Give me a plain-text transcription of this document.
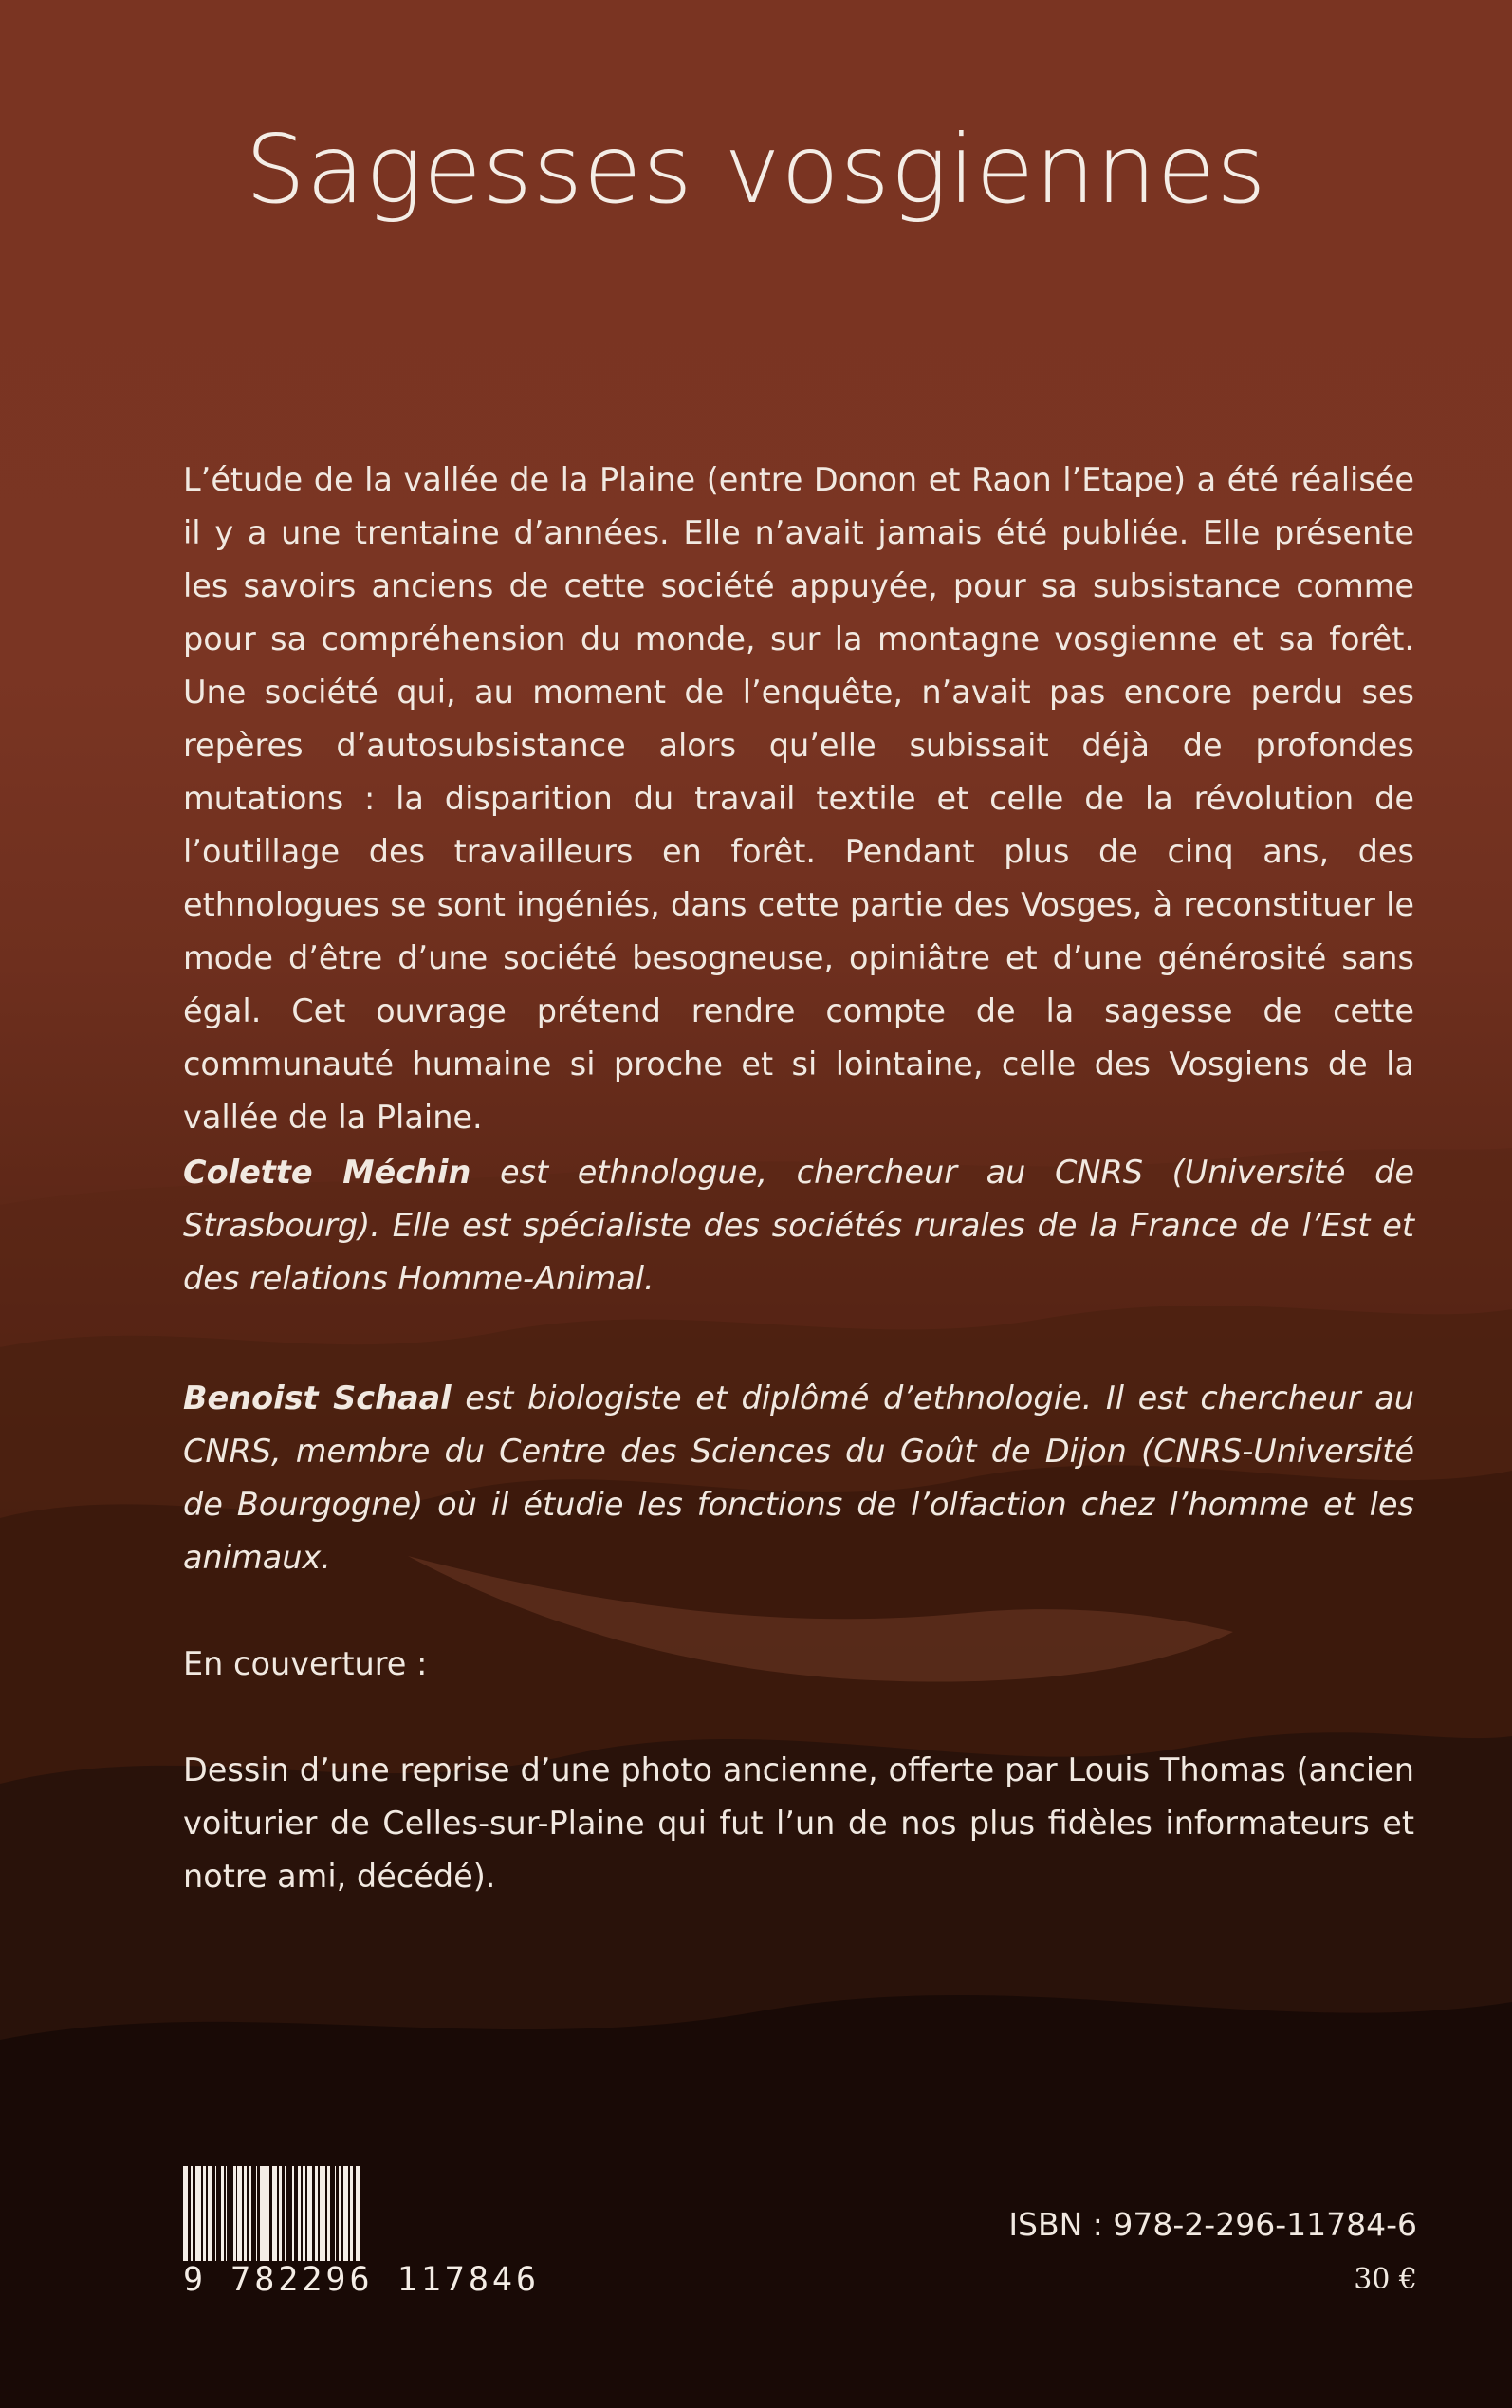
Sagesses vosgiennes

L’étude de la vallée de la Plaine (entre Donon et Raon l’Etape) a été réalisée il y a une trentaine d’années. Elle n’avait jamais été publiée. Elle présente les savoirs anciens de cette société appuyée, pour sa subsistance comme pour sa compréhension du monde, sur la montagne vosgienne et sa forêt. Une société qui, au moment de l’enquête, n’avait pas encore perdu ses repères d’autosubsistance alors qu’elle subissait déjà de profondes mutations : la disparition du travail textile et celle de la révolution de l’outillage des travailleurs en forêt. Pendant plus de cinq ans, des ethnologues se sont ingéniés, dans cette partie des Vosges, à reconstituer le mode d’être d’une société besogneuse, opiniâtre et d’une générosité sans égal. Cet ouvrage prétend rendre compte de la sagesse de cette communauté humaine si proche et si lointaine, celle des Vosgiens de la vallée de la Plaine.

Colette Méchin est ethnologue, chercheur au CNRS (Université de Strasbourg). Elle est spécialiste des sociétés rurales de la France de l’Est et des relations Homme-Animal.

Benoist Schaal est biologiste et diplômé d’ethnologie. Il est chercheur au CNRS, membre du Centre des Sciences du Goût de Dijon (CNRS-Université de Bourgogne) où il étudie les fonctions de l’olfaction chez l’homme et les animaux.

En couverture :

Dessin d’une reprise d’une photo ancienne, offerte par Louis Thomas (ancien voiturier de Celles-sur-Plaine qui fut l’un de nos plus fidèles informateurs et notre ami, décédé).

9 782296 117846

ISBN : 978-2-296-11784-6

30 €
